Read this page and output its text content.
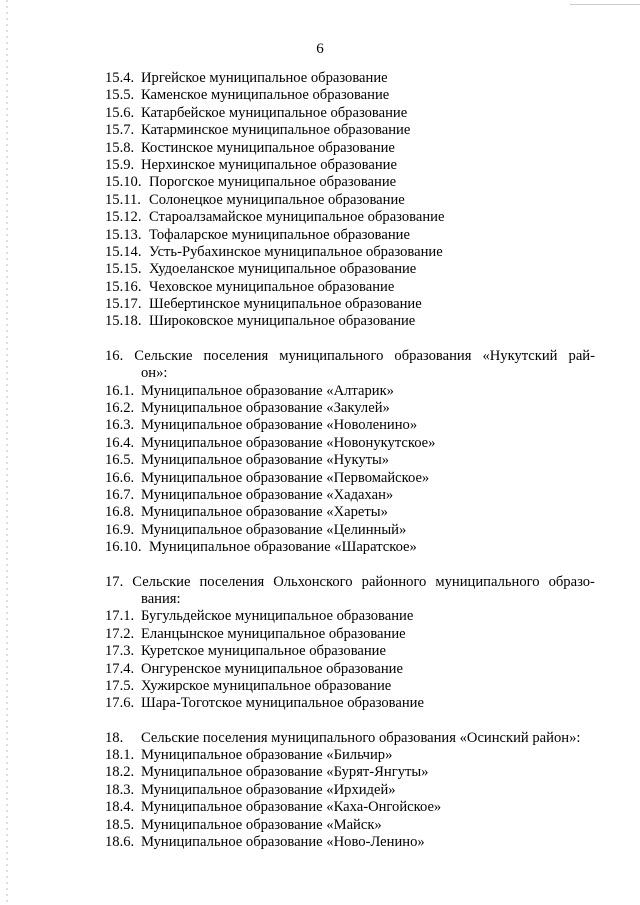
6
15.4. Иргейское муниципальное образование
15.5. Каменское муниципальное образование
15.6. Катарбейское муниципальное образование
15.7. Катарминское муниципальное образование
15.8. Костинское муниципальное образование
15.9. Нерхинское муниципальное образование
15.10. Порогское муниципальное образование
15.11. Солонецкое муниципальное образование
15.12. Староалзамайское муниципальное образование
15.13. Тофаларское муниципальное образование
15.14. Усть-Рубахинское муниципальное образование
15.15. Худоеланское муниципальное образование
15.16. Чеховское муниципальное образование
15.17. Шебертинское муниципальное образование
15.18. Широковское муниципальное образование
16. Сельские поселения муниципального образования «Нукутский рай-
он»:
16.1. Муниципальное образование «Алтарик»
16.2. Муниципальное образование «Закулей»
16.3. Муниципальное образование «Новоленино»
16.4. Муниципальное образование «Новонукутское»
16.5. Муниципальное образование «Нукуты»
16.6. Муниципальное образование «Первомайское»
16.7. Муниципальное образование «Хадахан»
16.8. Муниципальное образование «Хареты»
16.9. Муниципальное образование «Целинный»
16.10. Муниципальное образование «Шаратское»
17. Сельские поселения Ольхонского районного муниципального образо-
вания:
17.1. Бугульдейское муниципальное образование
17.2. Еланцынское муниципальное образование
17.3. Куретское муниципальное образование
17.4. Онгуренское муниципальное образование
17.5. Хужирское муниципальное образование
17.6. Шара-Тоготское муниципальное образование
18. Сельские поселения муниципального образования «Осинский район»:
18.1. Муниципальное образование «Бильчир»
18.2. Муниципальное образование «Бурят-Янгуты»
18.3. Муниципальное образование «Ирхидей»
18.4. Муниципальное образование «Каха-Онгойское»
18.5. Муниципальное образование «Майск»
18.6. Муниципальное образование «Ново-Ленино»
